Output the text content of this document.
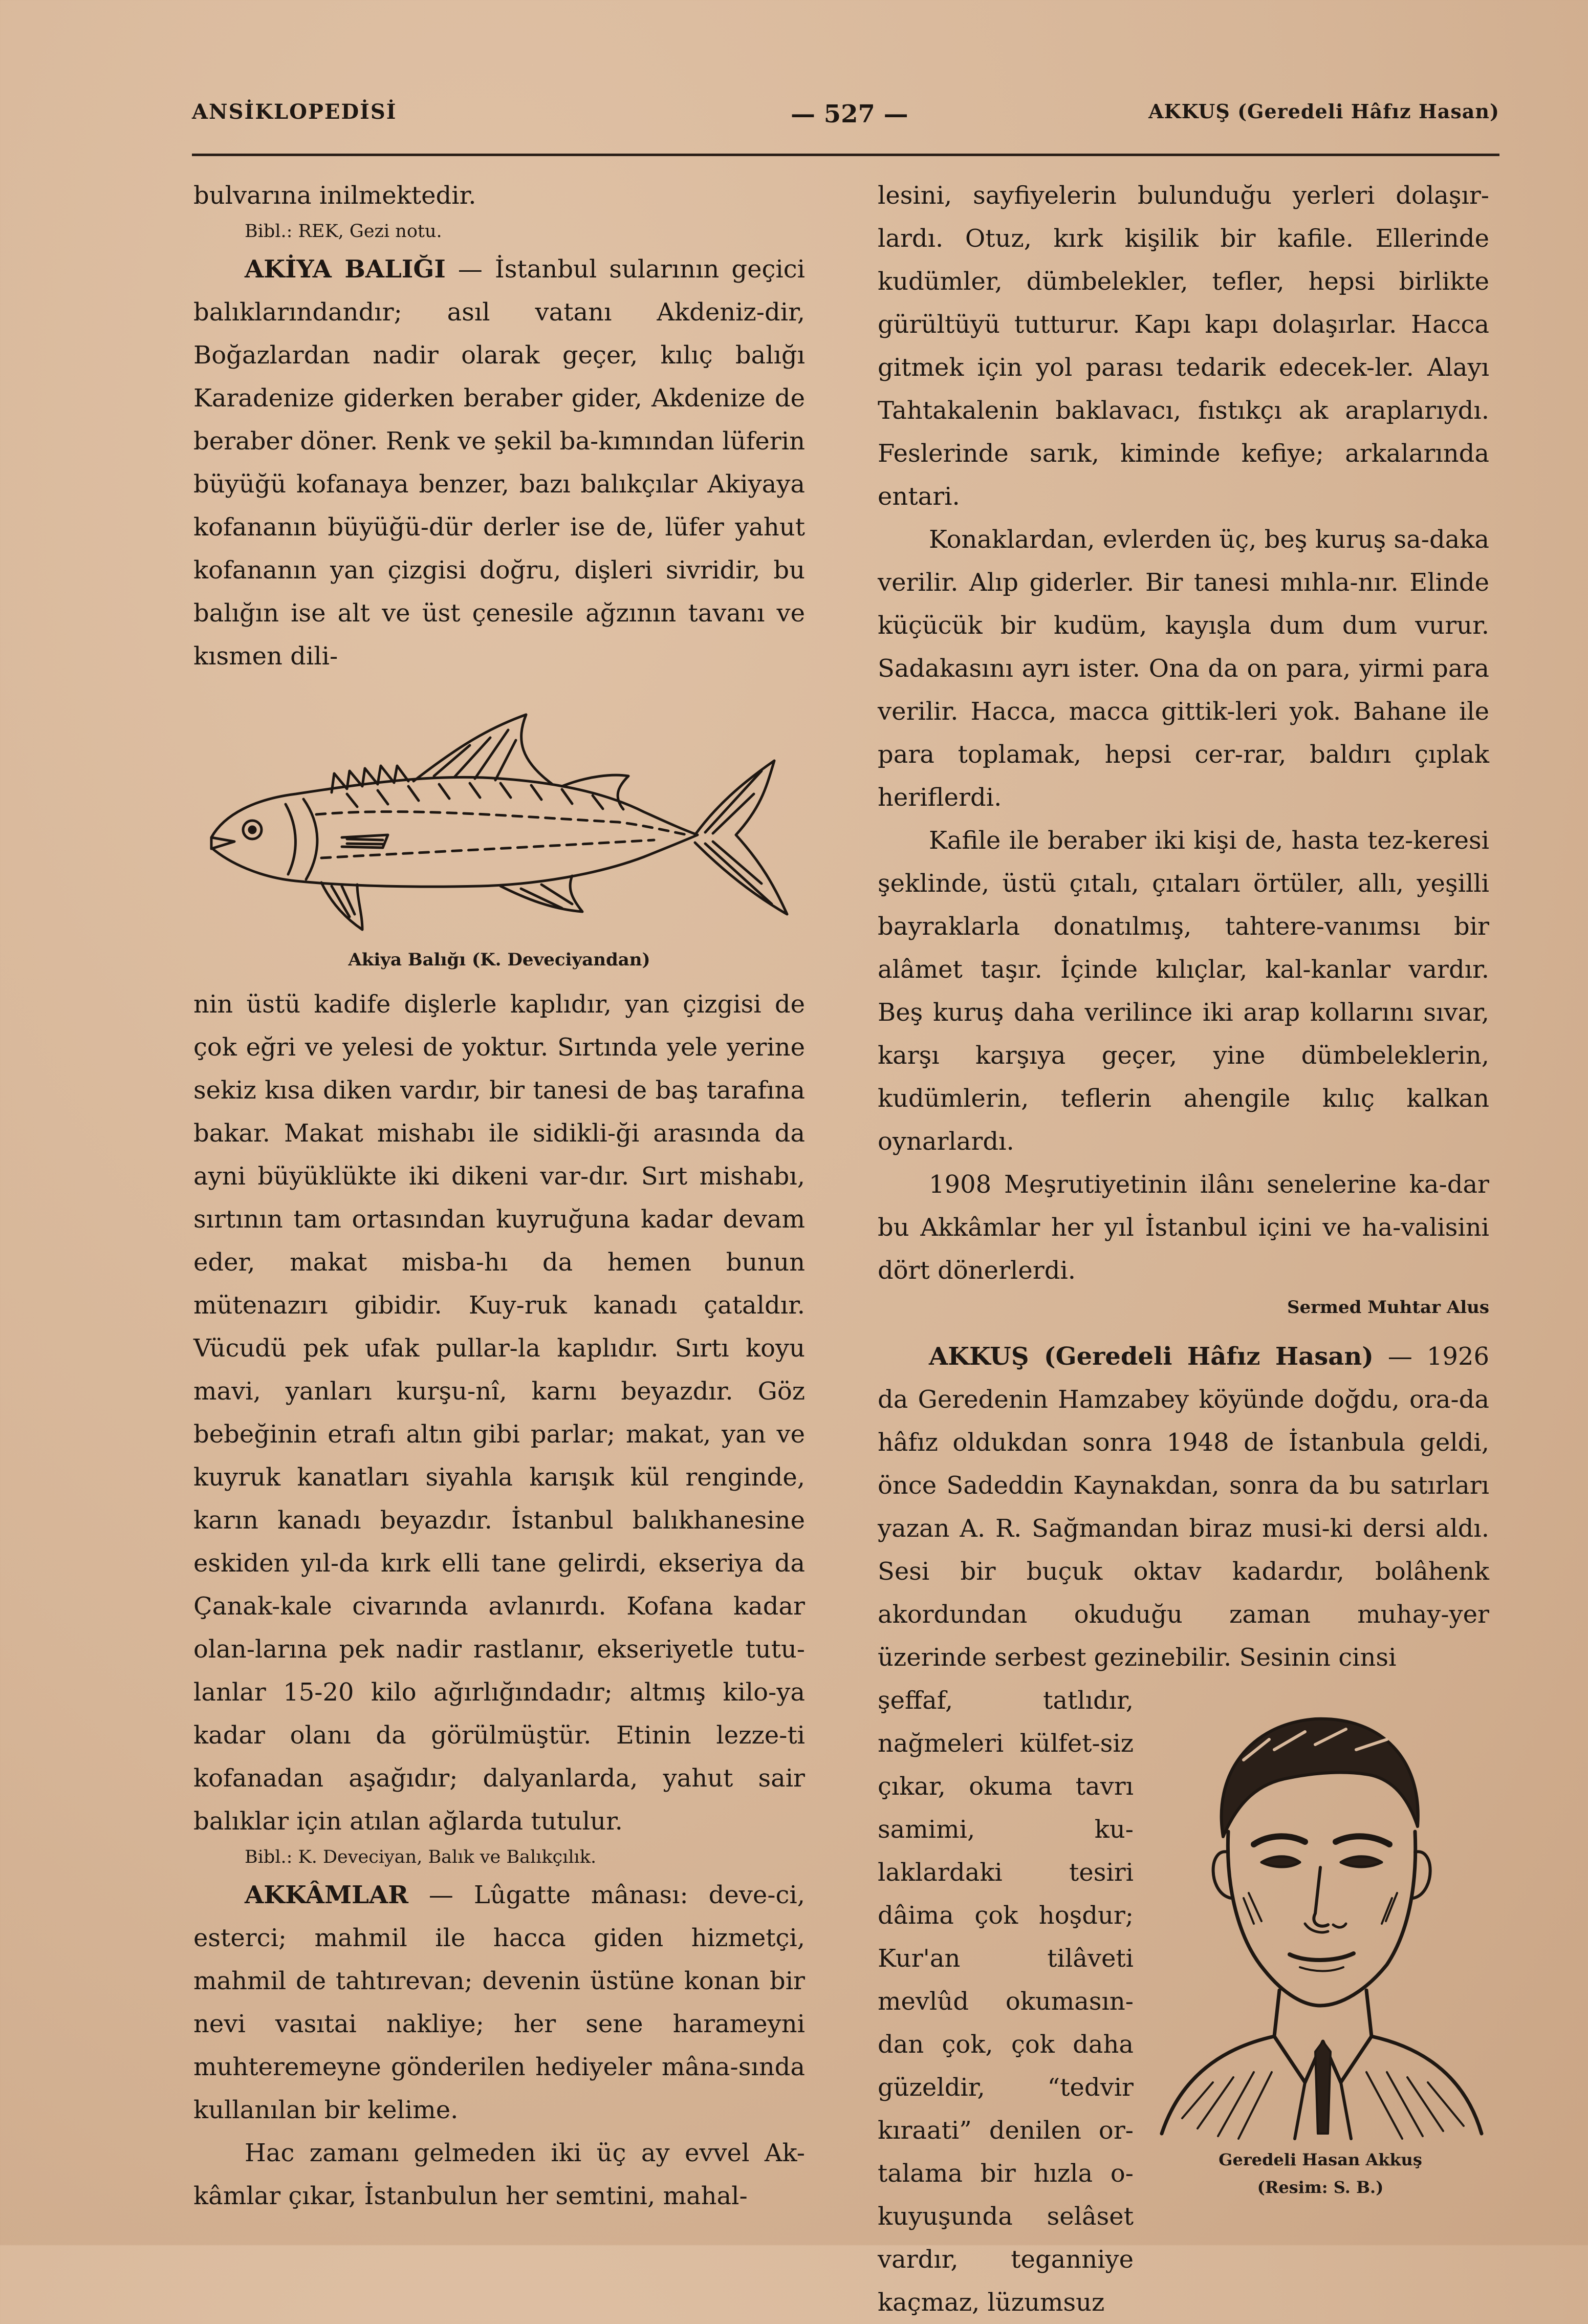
ANSİKLOPEDİSİ	— 527 —	AKKUŞ (Geredeli Hâfız Hasan)

bulvarına inilmektedir.

Bibl.: REK, Gezi notu.

AKİYA BALIĞI — İstanbul sularının geçici balıklarındandır; asıl vatanı Akdeniz-dir, Boğazlardan nadir olarak geçer, kılıç balığı Karadenize giderken beraber gider, Akdenize de beraber döner. Renk ve şekil ba-kımından lüferin büyüğü kofanaya benzer, bazı balıkçılar Akiyaya kofananın büyüğü-dür derler ise de, lüfer yahut kofananın yan çizgisi doğru, dişleri sivridir, bu balığın ise alt ve üst çenesile ağzının tavanı ve kısmen dili-

Akiya Balığı (K. Deveciyandan)

nin üstü kadife dişlerle kaplıdır, yan çizgisi de çok eğri ve yelesi de yoktur. Sırtında yele yerine sekiz kısa diken vardır, bir tanesi de baş tarafına bakar. Makat mishabı ile sidikli-ği arasında da ayni büyüklükte iki dikeni var-dır. Sırt mishabı, sırtının tam ortasından kuyruğuna kadar devam eder, makat misba-hı da hemen bunun mütenazırı gibidir. Kuy-ruk kanadı çataldır. Vücudü pek ufak pullar-la kaplıdır. Sırtı koyu mavi, yanları kurşu-nî, karnı beyazdır. Göz bebeğinin etrafı altın gibi parlar; makat, yan ve kuyruk kanatları siyahla karışık kül renginde, karın kanadı beyazdır. İstanbul balıkhanesine eskiden yıl-da kırk elli tane gelirdi, ekseriya da Çanak-kale civarında avlanırdı. Kofana kadar olan-larına pek nadir rastlanır, ekseriyetle tutu-lanlar 15-20 kilo ağırlığındadır; altmış kilo-ya kadar olanı da görülmüştür. Etinin lezze-ti kofanadan aşağıdır; dalyanlarda, yahut sair balıklar için atılan ağlarda tutulur.

Bibl.: K. Deveciyan, Balık ve Balıkçılık.

AKKÂMLAR — Lûgatte mânası: deve-ci, esterci; mahmil ile hacca giden hizmetçi, mahmil de tahtırevan; devenin üstüne konan bir nevi vasıtai nakliye; her sene harameyni muhteremeyne gönderilen hediyeler mâna-sında kullanılan bir kelime.

Hac zamanı gelmeden iki üç ay evvel Ak-kâmlar çıkar, İstanbulun her semtini, mahal-

lesini, sayfiyelerin bulunduğu yerleri dolaşır-lardı. Otuz, kırk kişilik bir kafile. Ellerinde kudümler, dümbelekler, tefler, hepsi birlikte gürültüyü tutturur. Kapı kapı dolaşırlar. Hacca gitmek için yol parası tedarik edecek-ler. Alayı Tahtakalenin baklavacı, fıstıkçı ak araplarıydı. Feslerinde sarık, kiminde kefiye; arkalarında entari.

Konaklardan, evlerden üç, beş kuruş sa-daka verilir. Alıp giderler. Bir tanesi mıhla-nır. Elinde küçücük bir kudüm, kayışla dum dum vurur. Sadakasını ayrı ister. Ona da on para, yirmi para verilir. Hacca, macca gittik-leri yok. Bahane ile para toplamak, hepsi cer-rar, baldırı çıplak heriflerdi.

Kafile ile beraber iki kişi de, hasta tez-keresi şeklinde, üstü çıtalı, çıtaları örtüler, allı, yeşilli bayraklarla donatılmış, tahtere-vanımsı bir alâmet taşır. İçinde kılıçlar, kal-kanlar vardır. Beş kuruş daha verilince iki arap kollarını sıvar, karşı karşıya geçer, yine dümbeleklerin, kudümlerin, teflerin ahengile kılıç kalkan oynarlardı.

1908 Meşrutiyetinin ilânı senelerine ka-dar bu Akkâmlar her yıl İstanbul içini ve ha-valisini dört dönerlerdi.

Sermed Muhtar Alus

AKKUŞ (Geredeli Hâfız Hasan) — 1926 da Geredenin Hamzabey köyünde doğdu, ora-da hâfız oldukdan sonra 1948 de İstanbula geldi, önce Sadeddin Kaynakdan, sonra da bu satırları yazan A. R. Sağmandan biraz musi-ki dersi aldı. Sesi bir buçuk oktav kadardır, bolâhenk akordundan okuduğu zaman muhay-yer üzerinde serbest gezinebilir. Sesinin cinsi

Geredeli Hasan Akkuş

(Resim: S. B.)

şeffaf, tatlıdır, nağmeleri külfet-siz çıkar, okuma tavrı samimi, ku-laklardaki tesiri dâima çok hoşdur; Kur'an tilâveti mevlûd okumasın-dan çok, çok daha güzeldir, “tedvir kıraati” denilen or-talama bir hızla o-kuyuşunda selâset vardır, teganniye kaçmaz, lüzumsuz
